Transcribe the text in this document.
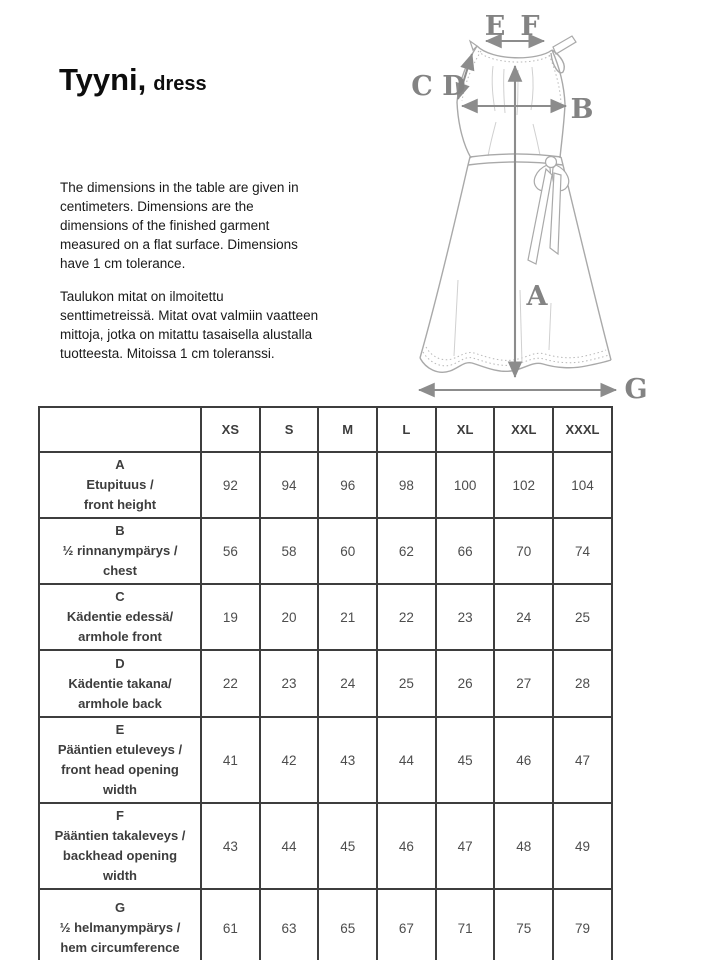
Tyyni, dress

The dimensions in the table are given in centimeters. Dimensions are the dimensions of the finished garment measured on a flat surface. Dimensions have 1 cm tolerance.

Taulukon mitat on ilmoitettu senttimetreissä. Mitat ovat valmiin vaatteen mittoja, jotka on mitattu tasaisella alustalla tuotteesta. Mitoissa 1 cm toleranssi.

E F
C D
B
A
G
	XS	S	M	L	XL	XXL	XXXL

A
Etupituus /
front height	92	94	96	98	100	102	104

B
½ rinnanympärys /
chest	56	58	60	62	66	70	74

C
Kädentie edessä/
armhole front	19	20	21	22	23	24	25

D
Kädentie takana/
armhole back	22	23	24	25	26	27	28

E
Pääntien etuleveys /
front head opening width	41	42	43	44	45	46	47

F
Pääntien takaleveys /
backhead opening width	43	44	45	46	47	48	49

G
½ helmanympärys /
hem circumference	61	63	65	67	71	75	79
